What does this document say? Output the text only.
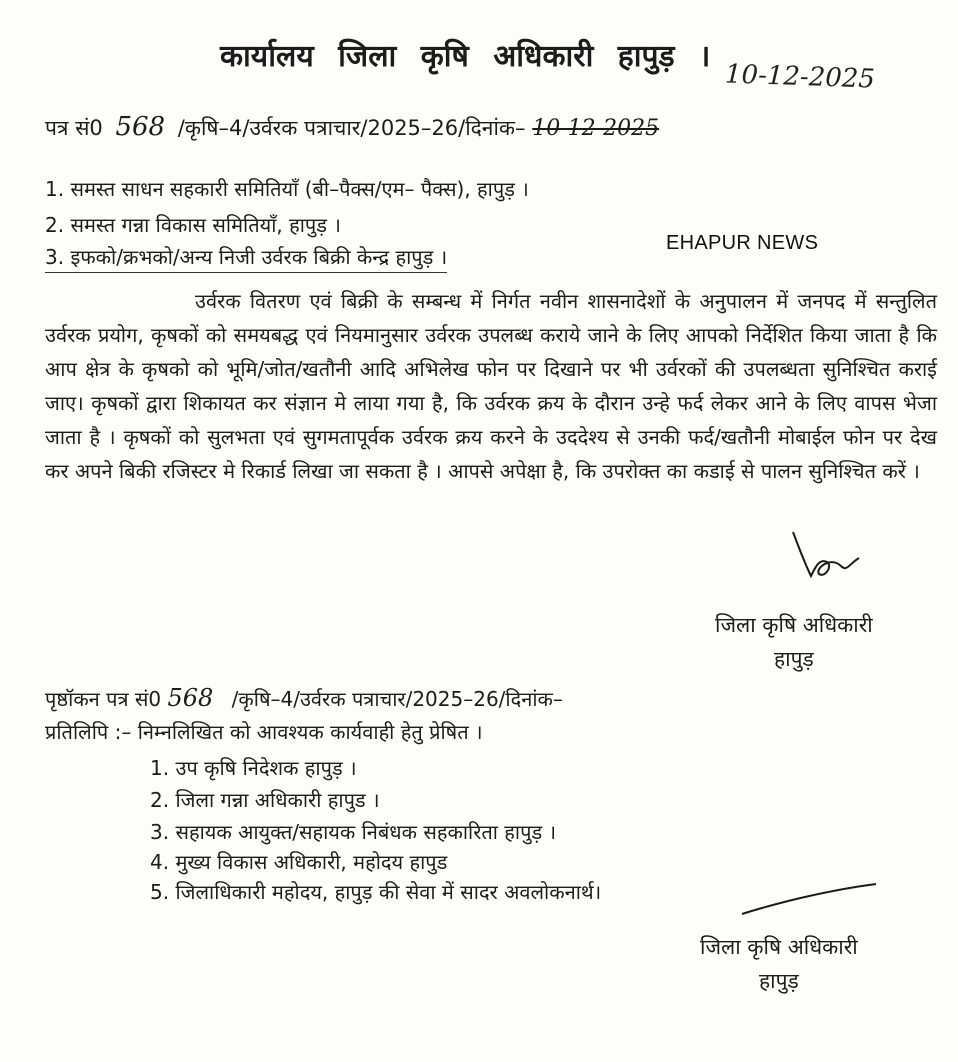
कार्यालय जिला कृषि अधिकारी हापुड़ ।
10-12-2025
पत्र सं0 568 /कृषि–4/उर्वरक पत्राचार/2025–26/दिनांक– 10-12-2025
1. समस्त साधन सहकारी समितियाँ (बी–पैक्स/एम– पैक्स), हापुड़ ।
2. समस्त गन्ना विकास समितियाँ, हापुड़ ।
3. इफको/क्रभको/अन्य निजी उर्वरक बिक्री केन्द्र हापुड़ ।
EHAPUR NEWS
उर्वरक वितरण एवं बिक्री के सम्बन्ध में निर्गत नवीन शासनादेशों के अनुपालन में जनपद में सन्तुलित उर्वरक प्रयोग, कृषकों को समयबद्ध एवं नियमानुसार उर्वरक उपलब्ध कराये जाने के लिए आपको निर्देशित किया जाता है कि आप क्षेत्र के कृषको को भूमि/जोत/खतौनी आदि अभिलेख फोन पर दिखाने पर भी उर्वरकों की उपलब्धता सुनिश्चित कराई जाए। कृषकों द्वारा शिकायत कर संज्ञान मे लाया गया है, कि उर्वरक क्रय के दौरान उन्हे फर्द लेकर आने के लिए वापस भेजा जाता है । कृषकों को सुलभता एवं सुगमतापूर्वक उर्वरक क्रय करने के उददेश्य से उनकी फर्द/खतौनी मोबाईल फोन पर देख कर अपने बिकी रजिस्टर मे रिकार्ड लिखा जा सकता है । आपसे अपेक्षा है, कि उपरोक्त का कडाई से पालन सुनिश्चित करें ।
जिला कृषि अधिकारी
हापुड़
पृष्ठॉकन पत्र सं0 568 /कृषि–4/उर्वरक पत्राचार/2025–26/दिनांक–
प्रतिलिपि :– निम्नलिखित को आवश्यक कार्यवाही हेतु प्रेषित ।
1. उप कृषि निदेशक हापुड़ ।
2. जिला गन्ना अधिकारी हापुड ।
3. सहायक आयुक्त/सहायक निबंधक सहकारिता हापुड़ ।
4. मुख्य विकास अधिकारी, महोदय हापुड
5. जिलाधिकारी महोदय, हापुड़ की सेवा में सादर अवलोकनार्थ।
जिला कृषि अधिकारी
हापुड़
